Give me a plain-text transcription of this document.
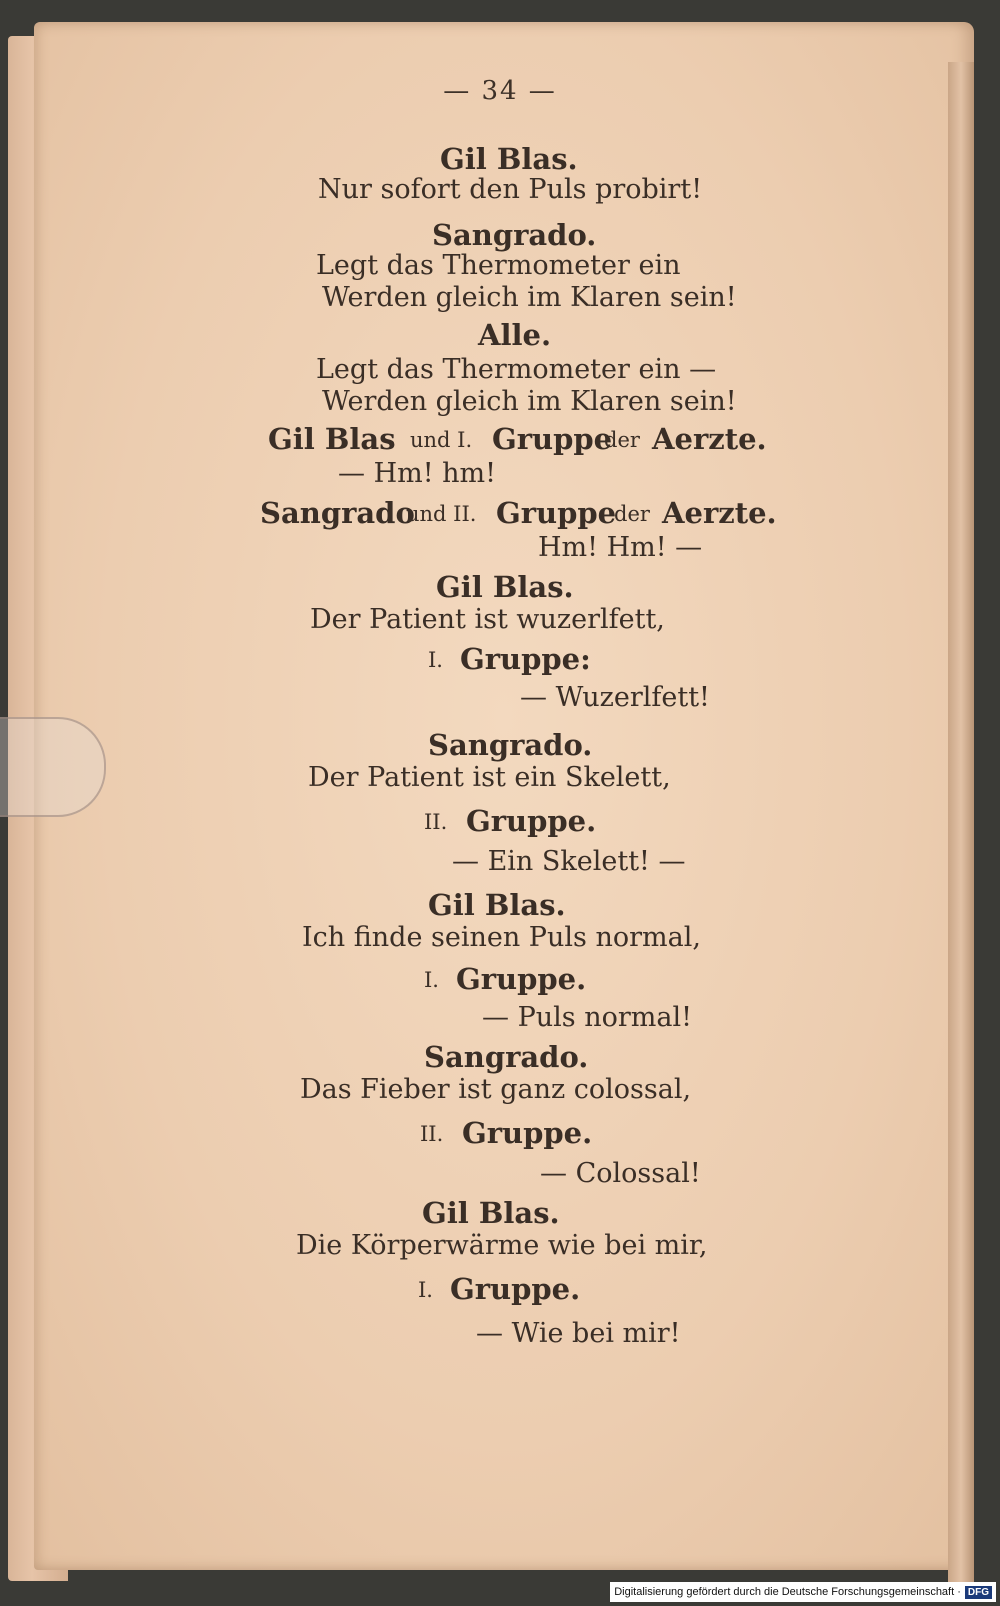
— 34 —
Gil Blas.
Nur sofort den Puls probirt!
Sangrado.
Legt das Thermometer ein
Werden gleich im Klaren sein!
Alle.
Legt das Thermometer ein —
Werden gleich im Klaren sein!
Gil Blas und I. Gruppe
der Aerzte.
— Hm! hm!
Sangrado
und II. Gruppe
der Aerzte.
Hm! Hm! —
Gil Blas.
Der Patient ist wuzerlfett,
I. Gruppe:
— Wuzerlfett!
Sangrado.
Der Patient ist ein Skelett,
II. Gruppe.
— Ein Skelett! —
Gil Blas.
Ich finde seinen Puls normal,
I. Gruppe.
— Puls normal!
Sangrado.
Das Fieber ist ganz colossal,
II. Gruppe.
— Colossal!
Gil Blas.
Die Körperwärme wie bei mir,
I. Gruppe.
— Wie bei mir!
Digitalisierung gefördert durch die Deutsche Forschungsgemeinschaft · DFG
